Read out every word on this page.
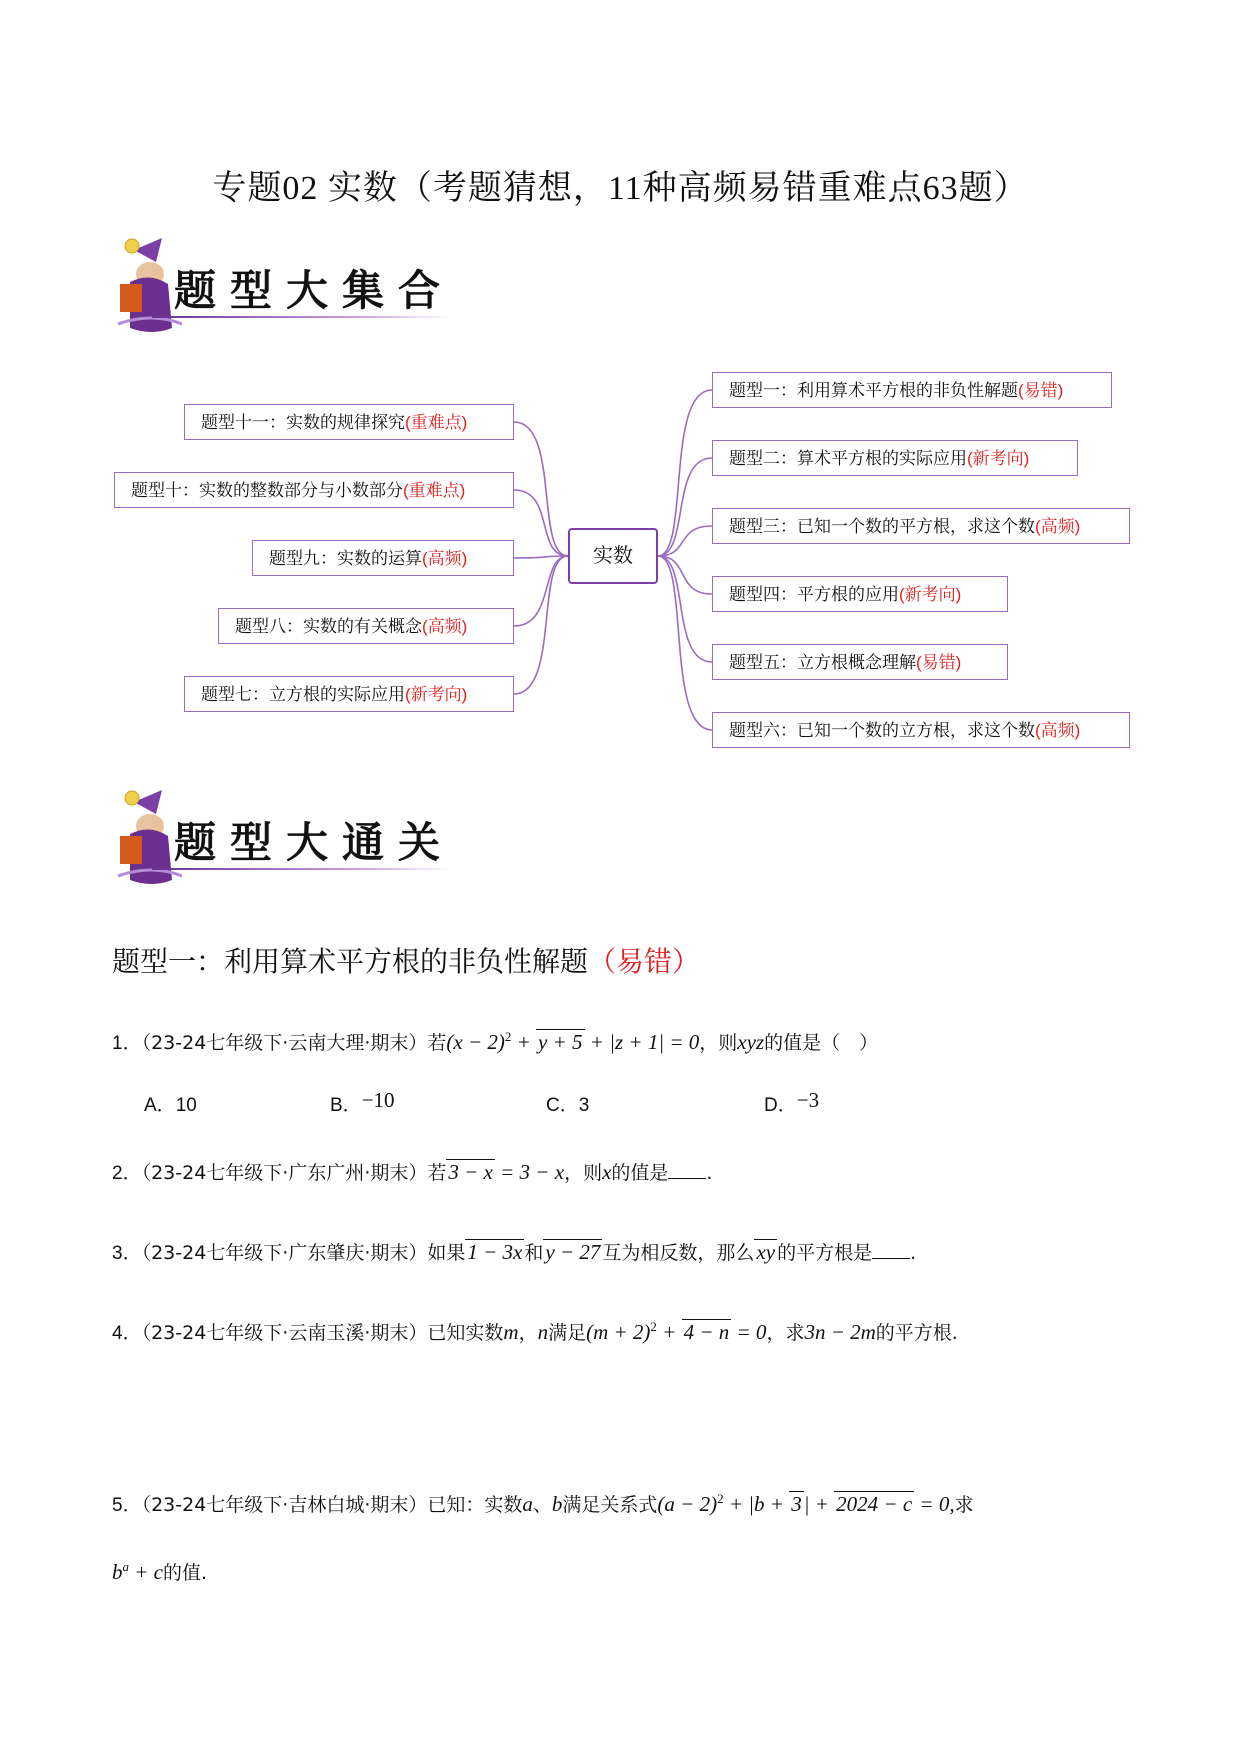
专题02 实数（考题猜想，11种高频易错重难点63题）
题型大集合
题型一：利用算术平方根的非负性解题(易错)
题型二：算术平方根的实际应用(新考向)
题型三：已知一个数的平方根，求这个数(高频)
题型四：平方根的应用(新考向)
题型五：立方根概念理解(易错)
题型六：已知一个数的立方根，求这个数(高频)
题型十一：实数的规律探究(重难点)
题型十：实数的整数部分与小数部分(重难点)
题型九：实数的运算(高频)
题型八：实数的有关概念(高频)
题型七：立方根的实际应用(新考向)
实数
题型大通关
题型一：利用算术平方根的非负性解题（易错）
1．（23-24七年级下·云南大理·期末）若$(x - 2)^2 + y + 5 + |z + 1| = 0$，则xyz的值是（　）
A．10	B．−10	C．3	D．−3
2．（23-24七年级下·广东广州·期末）若3 − x = 3 − x，则x的值是 .
3．（23-24七年级下·广东肇庆·期末）如果1 − 3x 和y − 27 互为相反数，那么xy 的平方根是 .
4．（23-24七年级下·云南玉溪·期末）已知实数m，n满足$(m + 2)^2 + 4 - n = 0$，求3n − 2m的平方根.
5．（23-24七年级下·吉林白城·期末）已知：实数a、b满足关系式$(a - 2)^2 + |b + 3| + 2024 - c = 0$,求
$b^a + c$的值.
